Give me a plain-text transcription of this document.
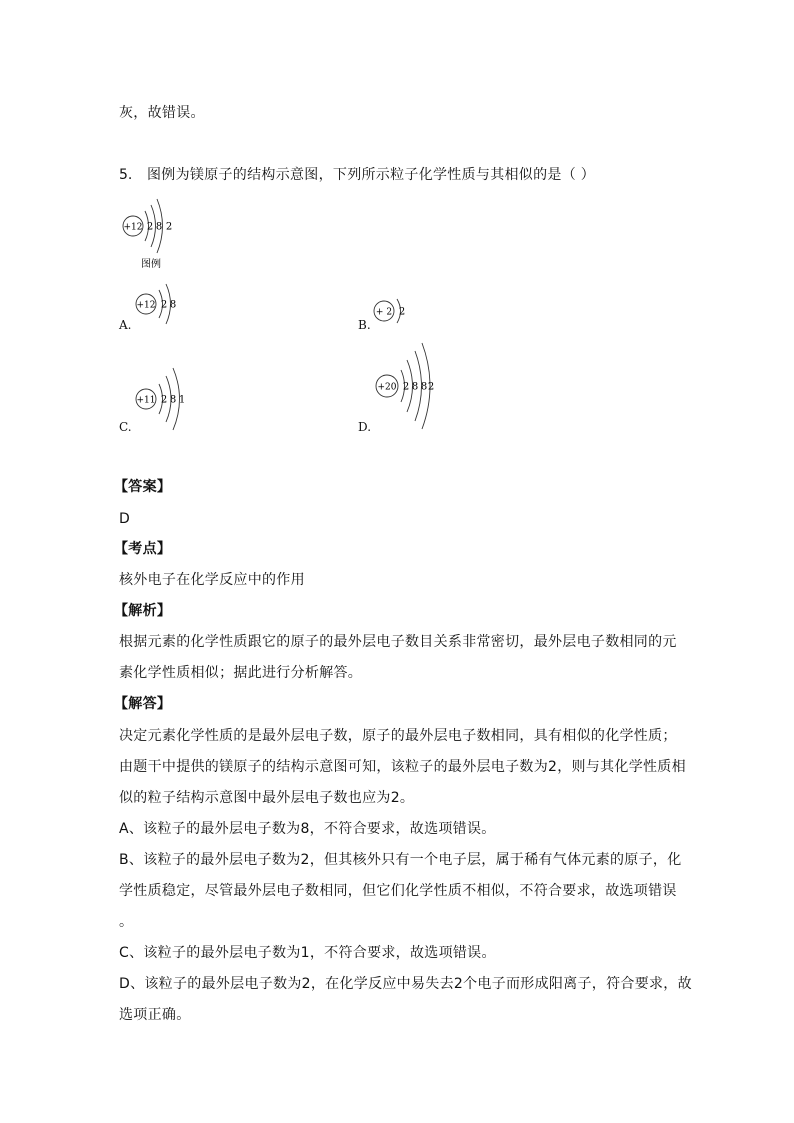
灰，故错误。
5. 图例为镁原子的结构示意图，下列所示粒子化学性质与其相似的是（ ）
+12 2 8 2
图例
A.
+12 2 8
B.
+ 2 2
C.
+11 2 8 1
D.
+20 2 8 8 2
【答案】
D
【考点】
核外电子在化学反应中的作用
【解析】
根据元素的化学性质跟它的原子的最外层电子数目关系非常密切，最外层电子数相同的元
素化学性质相似；据此进行分析解答。
【解答】
决定元素化学性质的是最外层电子数，原子的最外层电子数相同，具有相似的化学性质；
由题干中提供的镁原子的结构示意图可知，该粒子的最外层电子数为2，则与其化学性质相
似的粒子结构示意图中最外层电子数也应为2。
A、该粒子的最外层电子数为8，不符合要求，故选项错误。
B、该粒子的最外层电子数为2，但其核外只有一个电子层，属于稀有气体元素的原子，化
学性质稳定，尽管最外层电子数相同，但它们化学性质不相似，不符合要求，故选项错误
。
C、该粒子的最外层电子数为1，不符合要求，故选项错误。
D、该粒子的最外层电子数为2，在化学反应中易失去2个电子而形成阳离子，符合要求，故
选项正确。
